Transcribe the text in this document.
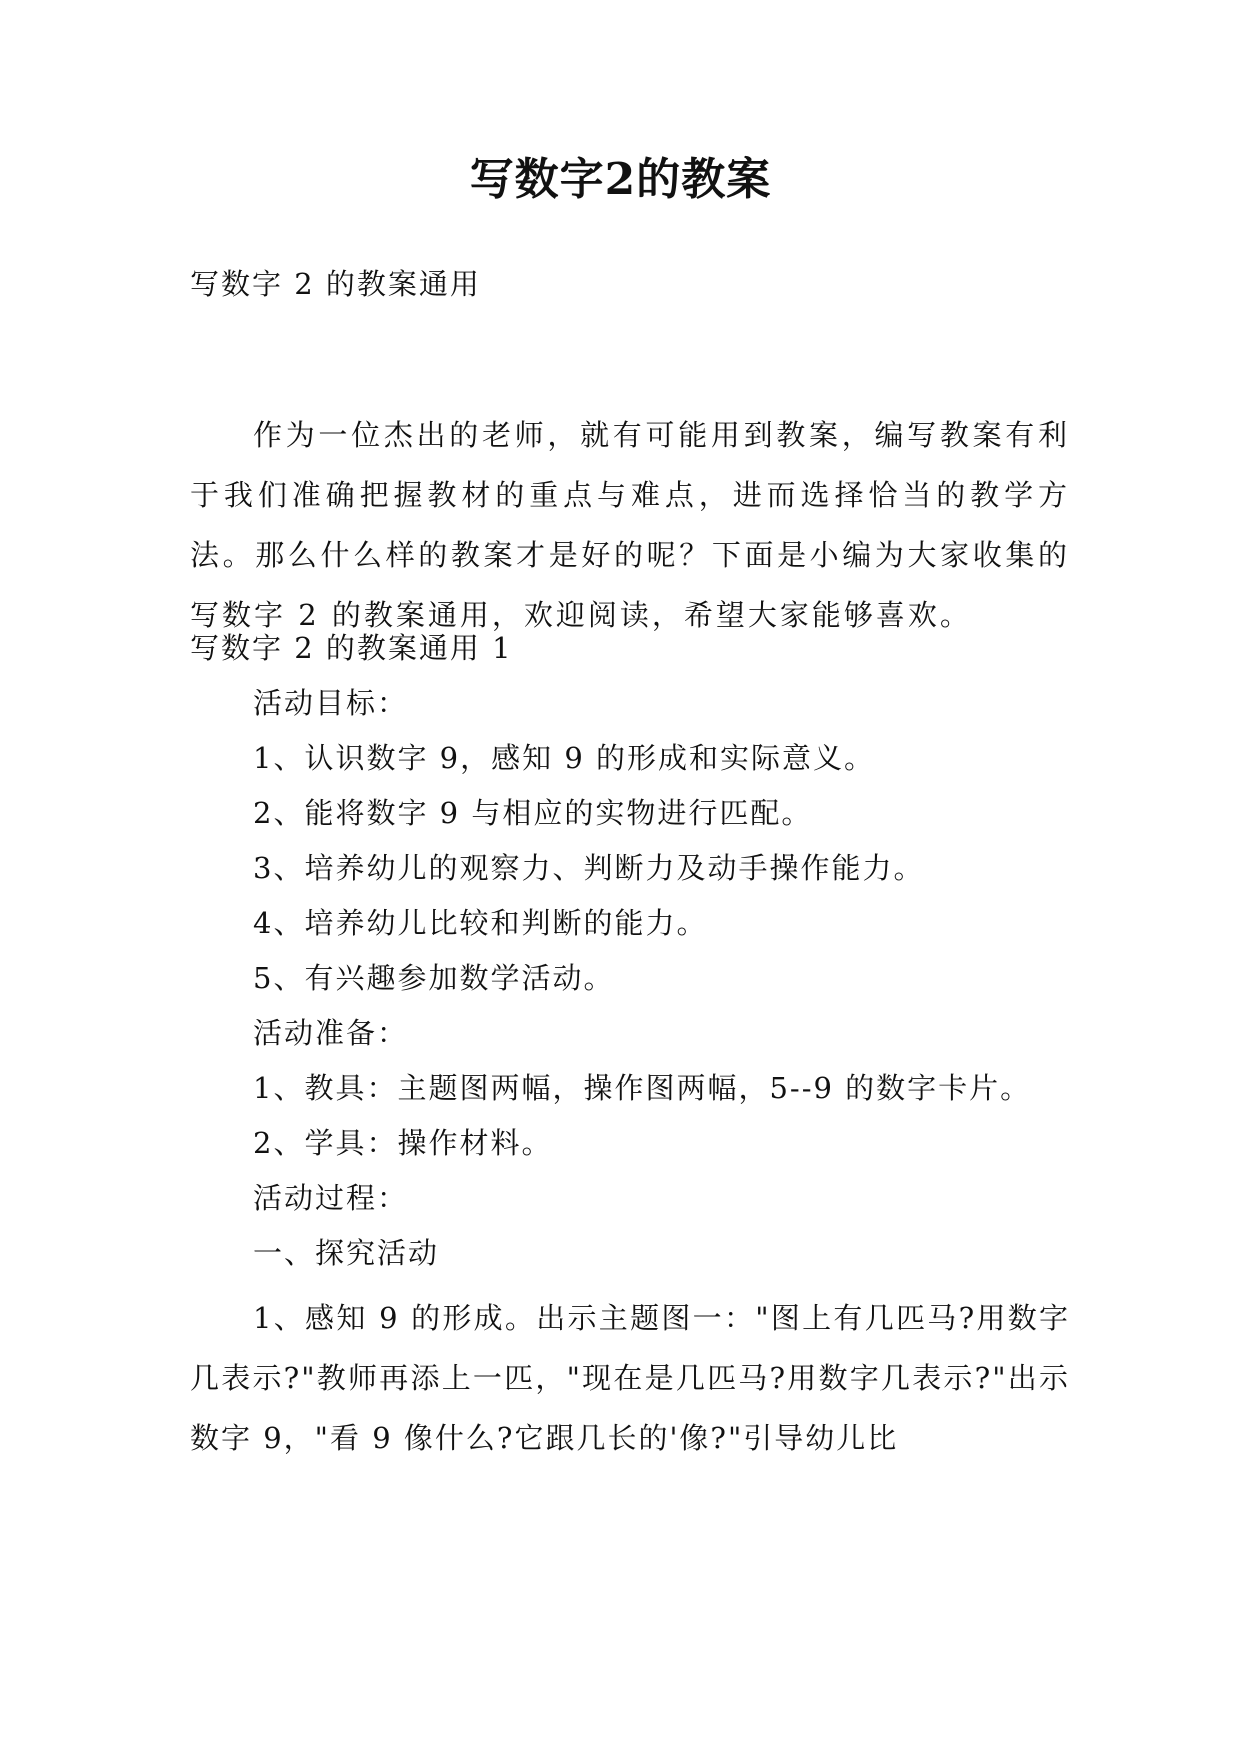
写数字2的教案
写数字 2 的教案通用
作为一位杰出的老师，就有可能用到教案，编写教案有利于我们准确把握教材的重点与难点，进而选择恰当的教学方法。那么什么样的教案才是好的呢？下面是小编为大家收集的写数字 2 的教案通用，欢迎阅读，希望大家能够喜欢。
写数字 2 的教案通用 1
活动目标：
1、认识数字 9，感知 9 的形成和实际意义。
2、能将数字 9 与相应的实物进行匹配。
3、培养幼儿的观察力、判断力及动手操作能力。
4、培养幼儿比较和判断的能力。
5、有兴趣参加数学活动。
活动准备：
1、教具：主题图两幅，操作图两幅，5--9 的数字卡片。
2、学具：操作材料。
活动过程：
一、探究活动
1、感知 9 的形成。出示主题图一："图上有几匹马?用数字几表示?"教师再添上一匹，"现在是几匹马?用数字几表示?"出示数字 9，"看 9 像什么?它跟几长的'像?"引导幼儿比
